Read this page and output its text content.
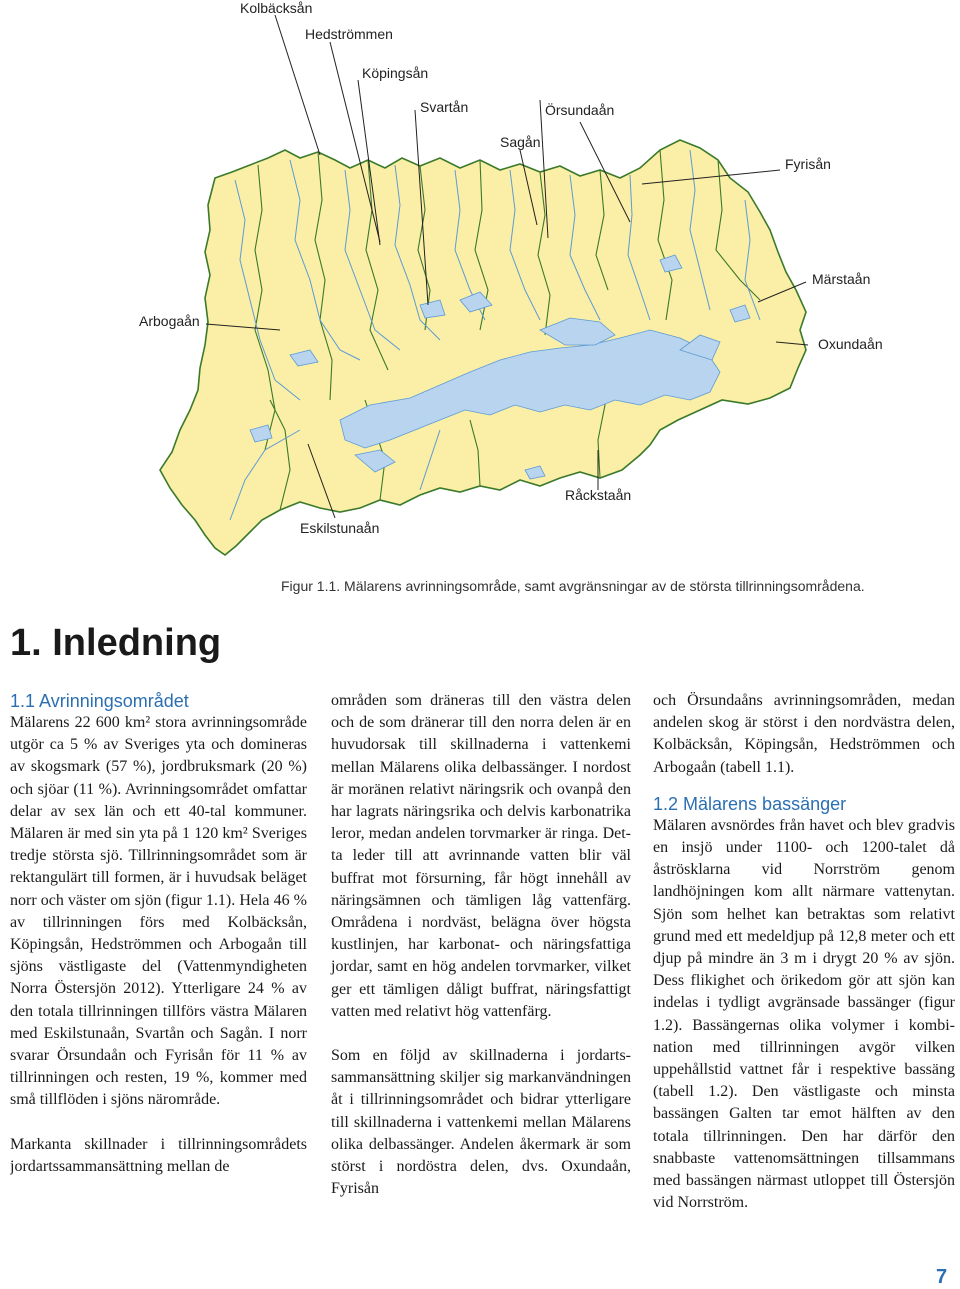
Kolbäcksån
Hedströmmen
Köpingsån
Svartån	Örsundaån
Sagån
Fyrisån
Märstaån
Arbogaån
Oxundaån
Råckstaån
Eskilstunaån
Figur 1.1. Mälarens avrinningsområde, samt avgränsningar av de största tillrinningsområdena.
1. Inledning
1.1 Avrinningsområdet

Mälarens 22 600 km² stora avrinningsområde utgör ca 5 % av Sveriges yta och domineras av skogsmark (57 %), jordbruksmark (20 %) och sjöar (11 %). Avrinningsområdet omfattar delar av sex län och ett 40-tal kommuner. Mälaren är med sin yta på 1 120 km² Sveriges tredje största sjö. Tillrinningsområdet som är rektangulärt till formen, är i huvudsak beläget norr och väster om sjön (figur 1.1). Hela 46 % av tillrinningen förs med Kolbäcksån, Köpingsån, Hedströmmen och Arbogaån till sjöns västligaste del (Vattenmyndigheten Norra Östersjön 2012). Ytterligare 24 % av den totala tillrinningen tillförs västra Mälaren med Eskilstunaån, Svartån och Sagån. I norr svarar Örsundaån och Fyrisån för 11 % av tillrinningen och resten, 19 %, kommer med små tillflöden i sjöns närområde.

Markanta skillnader i tillrinningsområdets jordartssammansättning mellan de

områden som dräneras till den västra delen och de som dränerar till den norra delen är en huvudorsak till skillnaderna i vattenkemi mellan Mälarens olika delbassänger. I nordost är moränen relativt näringsrik och ovanpå den har lagrats näringsrika och delvis karbonatrika leror, medan andelen torvmarker är ringa. Detta leder till att avrinnande vatten blir väl buffrat mot försurning, får högt innehåll av näringsämnen och tämligen låg vattenfärg. Områdena i nordväst, belägna över högsta kustlinjen, har karbonat- och näringsfattiga jordar, samt en hög andelen torvmarker, vilket ger ett tämligen dåligt buffrat, näringsfattigt vatten med relativt hög vattenfärg.

Som en följd av skillnaderna i jordartssammansättning skiljer sig markanvändningen åt i tillrinningsområdet och bidrar ytterligare till skillnaderna i vattenkemi mellan Mälarens olika delbassänger. Andelen åkermark är som störst i nordöstra delen, dvs. Oxundaån, Fyrisån

och Örsundaåns avrinningsområden, medan andelen skog är störst i den nordvästra delen, Kolbäcksån, Köpingsån, Hedströmmen och Arbogaån (tabell 1.1).

1.2 Mälarens bassänger

Mälaren avsnördes från havet och blev gradvis en insjö under 1100- och 1200-talet då åströsklarna vid Norrström genom landhöjningen kom allt närmare vattenytan. Sjön som helhet kan betraktas som relativt grund med ett medeldjup på 12,8 meter och ett djup på mindre än 3 m i drygt 20 % av sjön. Dess flikighet och örikedom gör att sjön kan indelas i tydligt avgränsade bassänger (figur 1.2). Bassängernas olika volymer i kombination med tillrinningen avgör vilken uppehållstid vattnet får i respektive bassäng (tabell 1.2). Den västligaste och minsta bassängen Galten tar emot hälften av den totala tillrinningen. Den har därför den snabbaste vattenomsättningen tillsammans med bassängen närmast utloppet till Östersjön vid Norrström.

7
